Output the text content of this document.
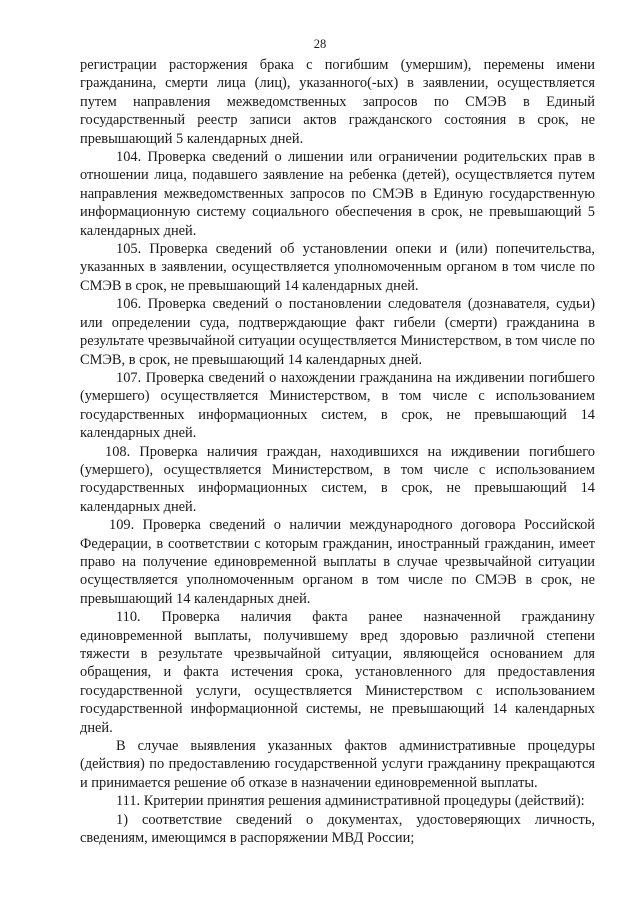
28

регистрации расторжения брака с погибшим (умершим), перемены имени гражданина, смерти лица (лиц), указанного(-ых) в заявлении, осуществляется путем направления межведомственных запросов по СМЭВ в Единый государственный реестр записи актов гражданского состояния в срок, не превышающий 5 календарных дней.

104. Проверка сведений о лишении или ограничении родительских прав в отношении лица, подавшего заявление на ребенка (детей), осуществляется путем направления межведомственных запросов по СМЭВ в Единую государственную информационную систему социального обеспечения в срок, не превышающий 5 календарных дней.

105. Проверка сведений об установлении опеки и (или) попечительства, указанных в заявлении, осуществляется уполномоченным органом в том числе по СМЭВ в срок, не превышающий 14 календарных дней.

106. Проверка сведений о постановлении следователя (дознавателя, судьи) или определении суда, подтверждающие факт гибели (смерти) гражданина в результате чрезвычайной ситуации осуществляется Министерством, в том числе по СМЭВ, в срок, не превышающий 14 календарных дней.

107. Проверка сведений о нахождении гражданина на иждивении погибшего (умершего) осуществляется Министерством, в том числе с использованием государственных информационных систем, в срок, не превышающий 14 календарных дней.

108. Проверка наличия граждан, находившихся на иждивении погибшего (умершего), осуществляется Министерством, в том числе с использованием государственных информационных систем, в срок, не превышающий 14 календарных дней.

109. Проверка сведений о наличии международного договора Российской Федерации, в соответствии с которым гражданин, иностранный гражданин, имеет право на получение единовременной выплаты в случае чрезвычайной ситуации осуществляется уполномоченным органом в том числе по СМЭВ в срок, не превышающий 14 календарных дней.

110. Проверка наличия факта ранее назначенной гражданину единовременной выплаты, получившему вред здоровью различной степени тяжести в результате чрезвычайной ситуации, являющейся основанием для обращения, и факта истечения срока, установленного для предоставления государственной услуги, осуществляется Министерством с использованием государственной информационной системы, не превышающий 14 календарных дней.

В случае выявления указанных фактов административные процедуры (действия) по предоставлению государственной услуги гражданину прекращаются и принимается решение об отказе в назначении единовременной выплаты.

111. Критерии принятия решения административной процедуры (действий):

1) соответствие сведений о документах, удостоверяющих личность, сведениям, имеющимся в распоряжении МВД России;
